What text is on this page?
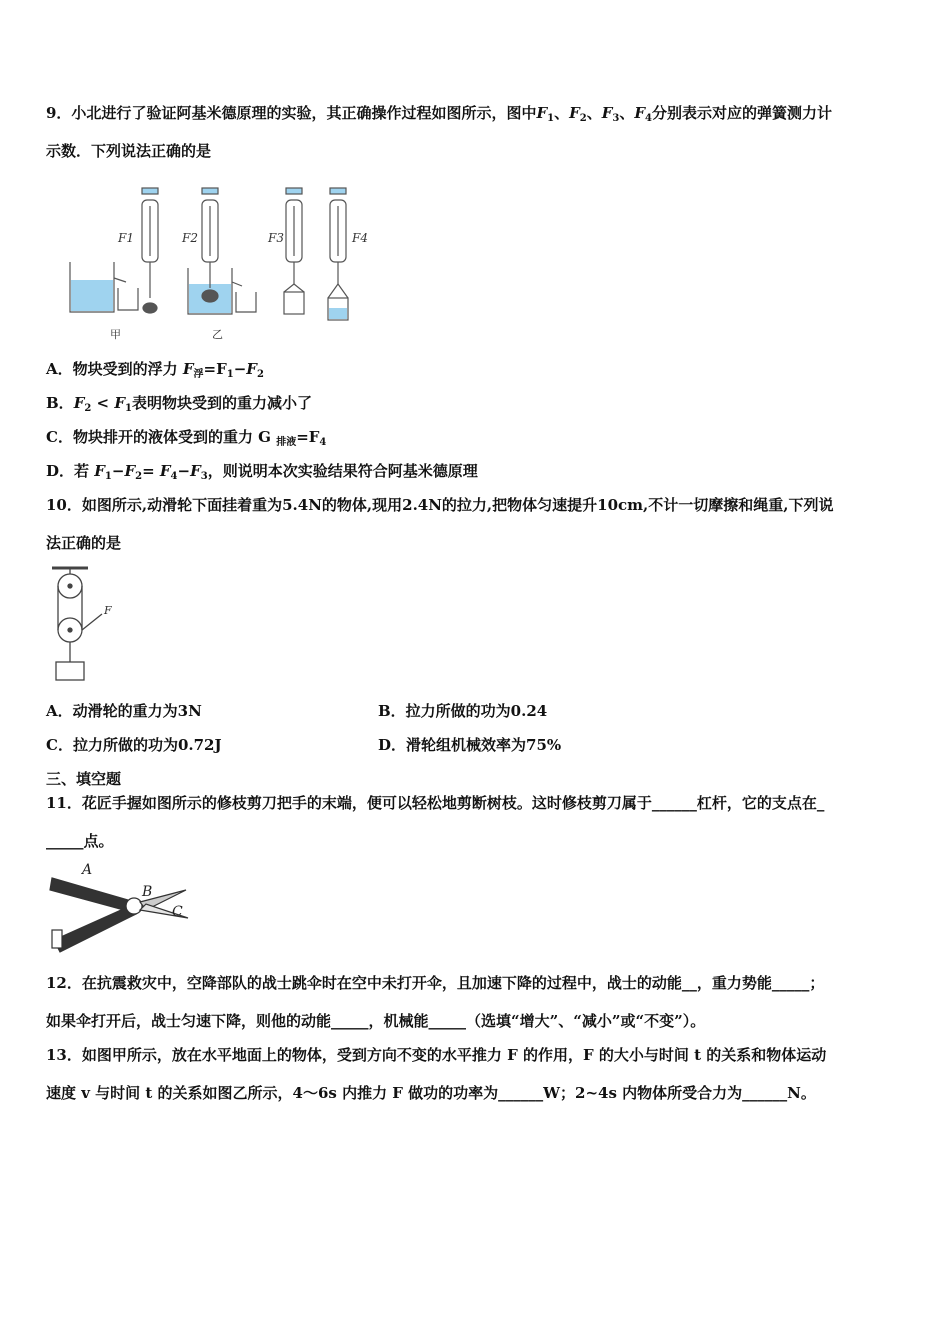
9．小北进行了验证阿基米德原理的实验，其正确操作过程如图所示，图中$F_1$、$F_2$、$F_3$、$F_4$分别表示对应的弹簧测力计
示数．下列说法正确的是
F1	F2	F3	F4
甲	乙
A．物块受到的浮力 $F_浮=F_1-F_2$
B．$F_2 < F_1$表明物块受到的重力减小了
C．物块排开的液体受到的重力 G $_{排液}=F_4$
D．若 $F_1-F_2= F_4-F_3$，则说明本次实验结果符合阿基米德原理
10．如图所示,动滑轮下面挂着重为5.4N的物体,现用2.4N的拉力,把物体匀速提升10cm,不计一切摩擦和绳重,下列说
法正确的是
F
A．动滑轮的重力为3N	B．拉力所做的功为0.24
C．拉力所做的功为0.72J	D．滑轮组机械效率为75%
三、填空题
11．花匠手握如图所示的修枝剪刀把手的末端，便可以轻松地剪断树枝。这时修枝剪刀属于______杠杆，它的支点在_
_____点。
A
B
C
12．在抗震救灾中，空降部队的战士跳伞时在空中未打开伞，且加速下降的过程中，战士的动能__，重力势能_____；
如果伞打开后，战士匀速下降，则他的动能_____，机械能_____（选填“增大”、“减小”或“不变”）。
13．如图甲所示，放在水平地面上的物体，受到方向不变的水平推力 F 的作用，F 的大小与时间 t 的关系和物体运动
速度 v 与时间 t 的关系如图乙所示，4～6s 内推力 F 做功的功率为______W；2~4s 内物体所受合力为______N。
